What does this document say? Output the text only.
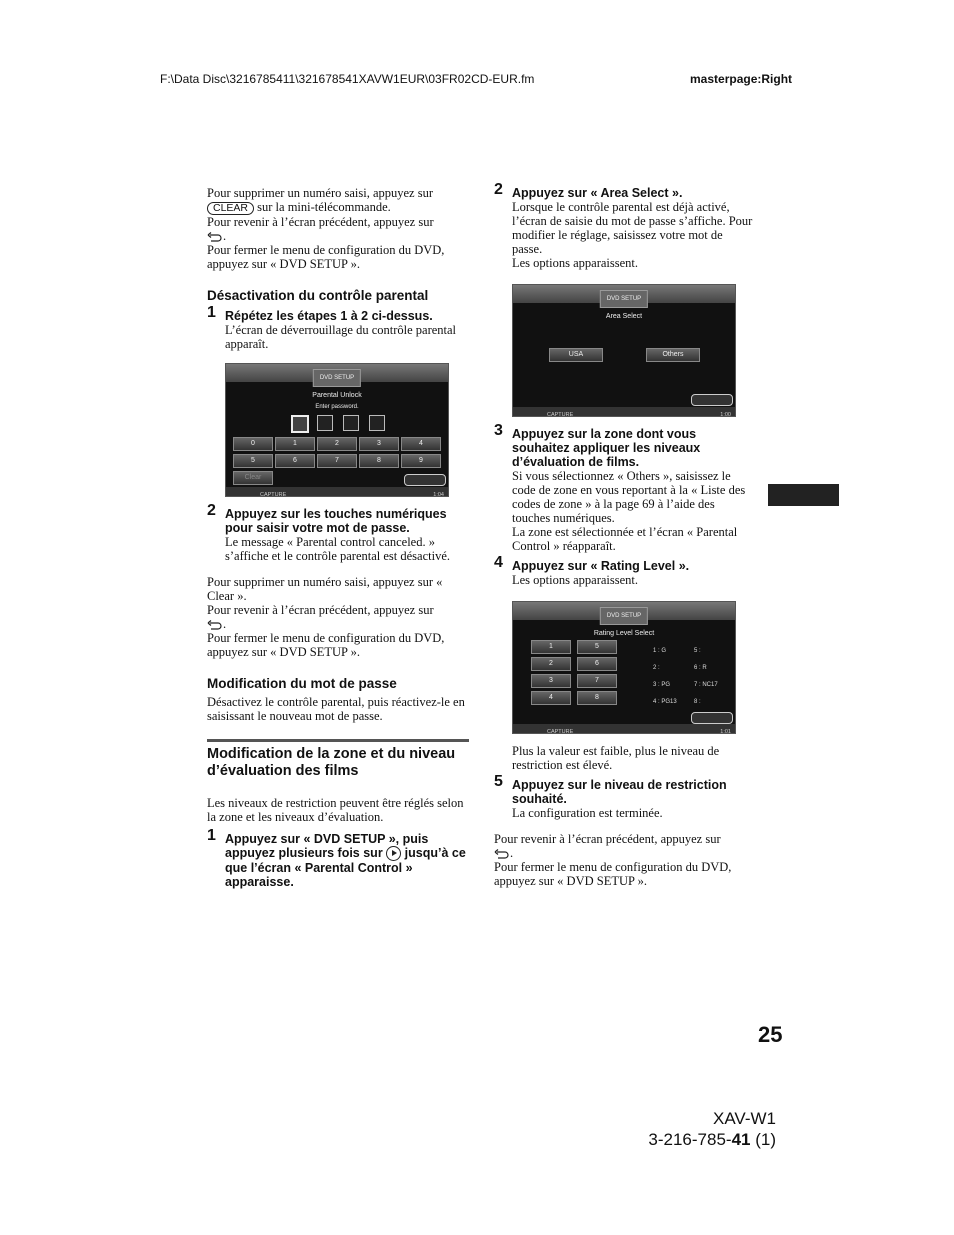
F:\Data Disc\3216785411\321678541XAVW1EUR\03FR02CD-EUR.fm	masterpage:Right

Pour supprimer un numéro saisi, appuyez sur CLEAR sur la mini-télécommande.
Pour revenir à l’écran précédent, appuyez sur

.
Pour fermer le menu de configuration du DVD, appuyez sur « DVD SETUP ».

Désactivation du contrôle parental
1 Répétez les étapes 1 à 2 ci-dessus.
L’écran de déverrouillage du contrôle parental apparaît.
DVD SETUP
Parental Unlock
Enter password.
0	1	2	3	4
5	6	7	8	9
Clear
CAPTURE	1:04
2 Appuyez sur les touches numériques pour saisir votre mot de passe.
Le message « Parental control canceled. » s’affiche et le contrôle parental est désactivé.

Pour supprimer un numéro saisi, appuyez sur « Clear ».
Pour revenir à l’écran précédent, appuyez sur

.
Pour fermer le menu de configuration du DVD, appuyez sur « DVD SETUP ».

Modification du mot de passe

Désactivez le contrôle parental, puis réactivez-le en saisissant le nouveau mot de passe.

Modification de la zone et du niveau d’évaluation des films

Les niveaux de restriction peuvent être réglés selon la zone et les niveaux d’évaluation.

1 Appuyez sur « DVD SETUP », puis appuyez plusieurs fois sur jusqu’à ce que l’écran « Parental Control » apparaisse.
2 Appuyez sur « Area Select ».
Lorsque le contrôle parental est déjà activé, l’écran de saisie du mot de passe s’affiche. Pour modifier le réglage, saisissez votre mot de passe.
Les options apparaissent.
DVD SETUP
Area Select
USA	Others
CAPTURE	1:00
3 Appuyez sur la zone dont vous souhaitez appliquer les niveaux d’évaluation de films.
Si vous sélectionnez « Others », saisissez le code de zone en vous reportant à la « Liste des codes de zone » à la page 69 à l’aide des touches numériques.
La zone est sélectionnée et l’écran « Parental Control » réapparaît.
4 Appuyez sur « Rating Level ».
Les options apparaissent.
DVD SETUP
Rating Level Select
1	5
2	6
3	7
4	8
1 : G
2 :
3 : PG
4 : PG13
5 :
6 : R
7 : NC17
8 :
CAPTURE	1:01

Plus la valeur est faible, plus le niveau de restriction est élevé.

5 Appuyez sur le niveau de restriction souhaité.
La configuration est terminée.

Pour revenir à l’écran précédent, appuyez sur

.
Pour fermer le menu de configuration du DVD, appuyez sur « DVD SETUP ».

25
XAV-W1
3-216-785-41 (1)
